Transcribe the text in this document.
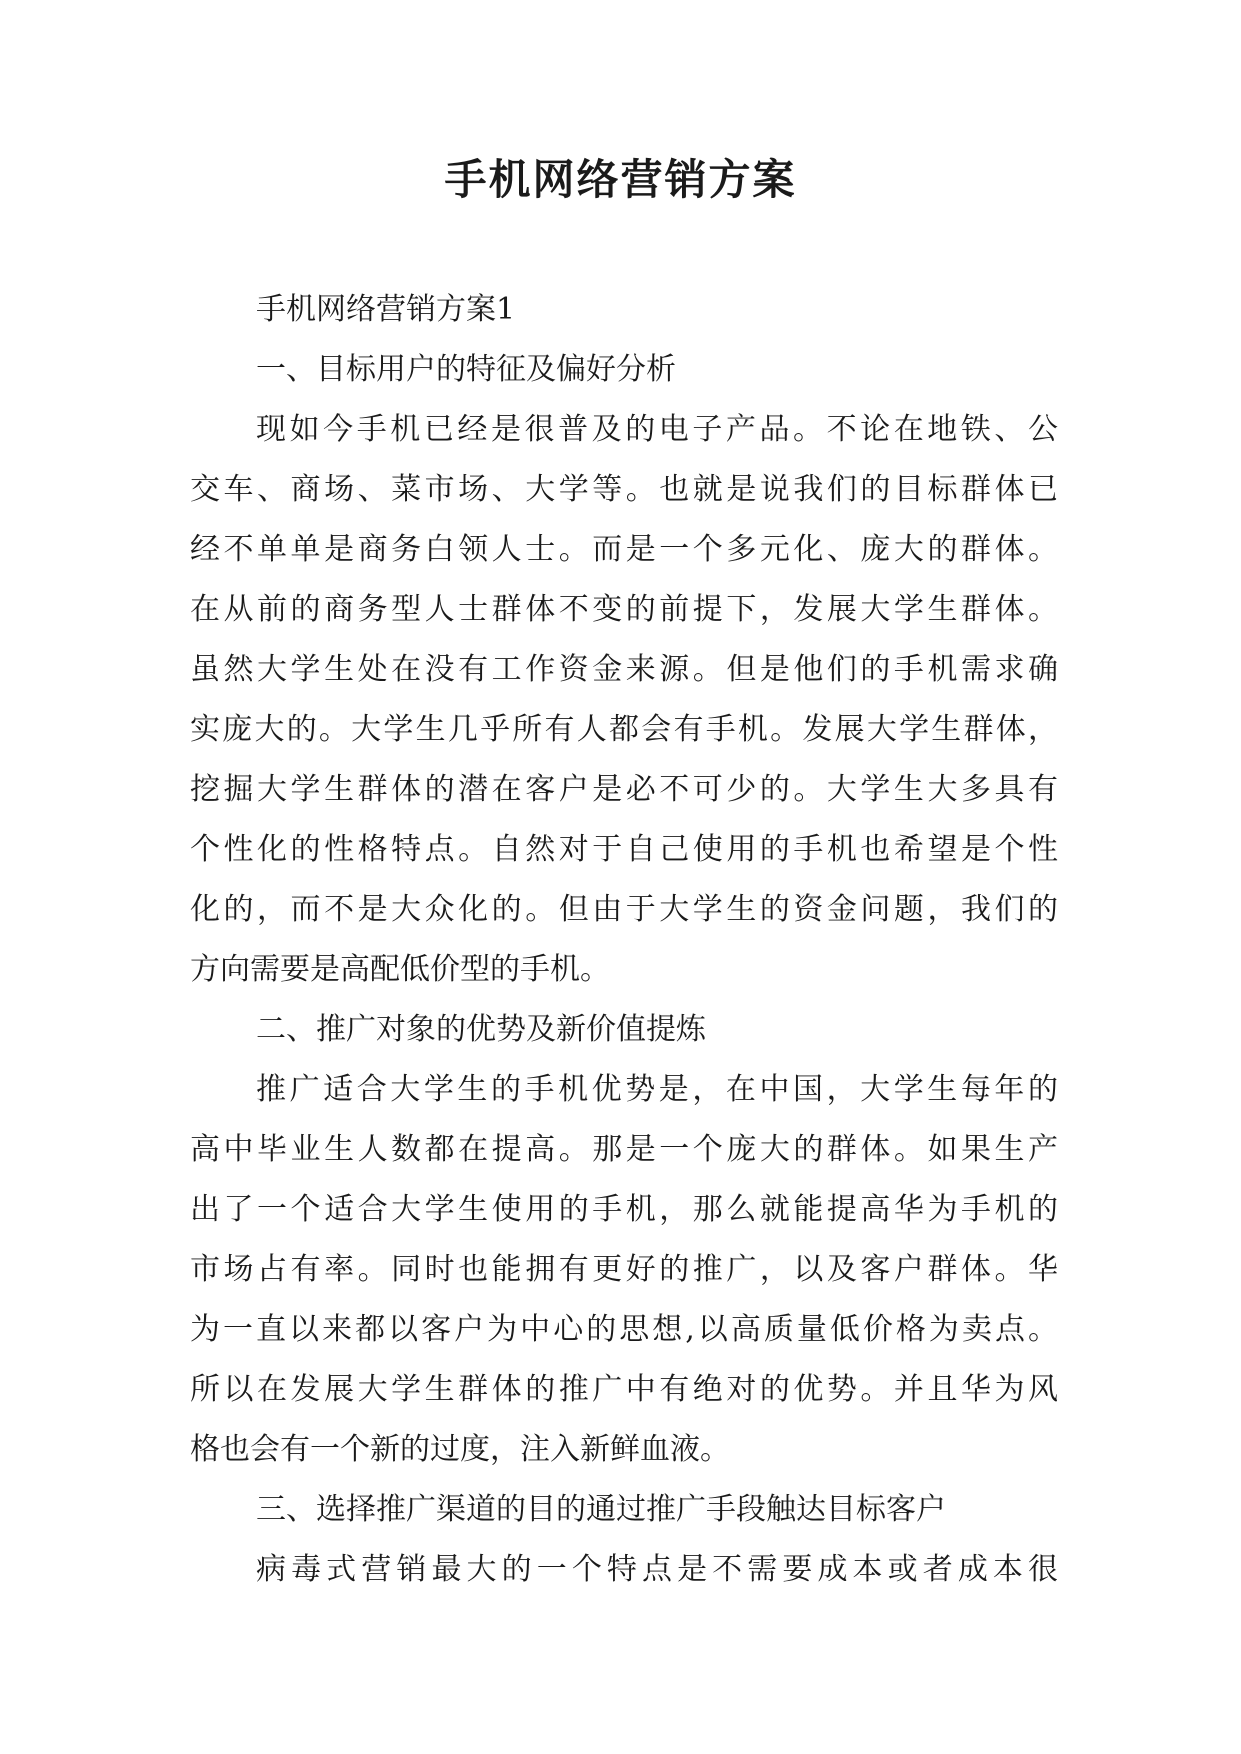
手机网络营销方案
手机网络营销方案1
一、目标用户的特征及偏好分析
现如今手机已经是很普及的电子产品。不论在地铁、公
交车、商场、菜市场、大学等。也就是说我们的目标群体已
经不单单是商务白领人士。而是一个多元化、庞大的群体。
在从前的商务型人士群体不变的前提下，发展大学生群体。
虽然大学生处在没有工作资金来源。但是他们的手机需求确
实庞大的。大学生几乎所有人都会有手机。发展大学生群体，
挖掘大学生群体的潜在客户是必不可少的。大学生大多具有
个性化的性格特点。自然对于自己使用的手机也希望是个性
化的，而不是大众化的。但由于大学生的资金问题，我们的
方向需要是高配低价型的手机。
二、推广对象的优势及新价值提炼
推广适合大学生的手机优势是，在中国，大学生每年的
高中毕业生人数都在提高。那是一个庞大的群体。如果生产
出了一个适合大学生使用的手机，那么就能提高华为手机的
市场占有率。同时也能拥有更好的推广，以及客户群体。华
为一直以来都以客户为中心的思想,以高质量低价格为卖点。
所以在发展大学生群体的推广中有绝对的优势。并且华为风
格也会有一个新的过度，注入新鲜血液。
三、选择推广渠道的目的通过推广手段触达目标客户
病毒式营销最大的一个特点是不需要成本或者成本很
